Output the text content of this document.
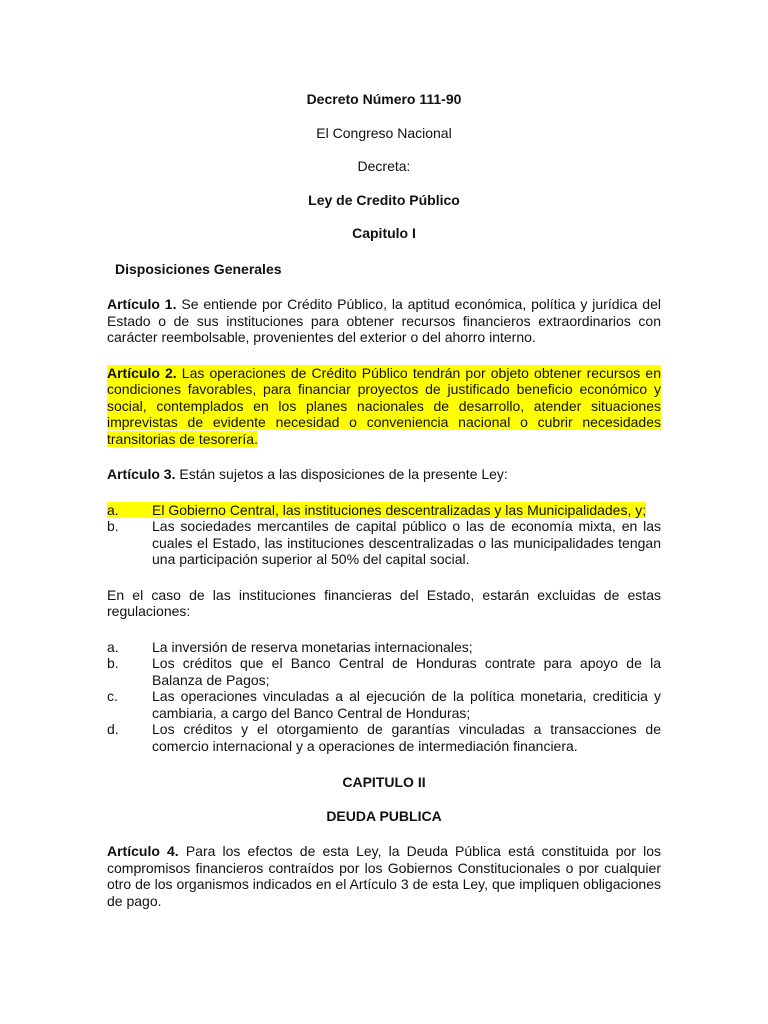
Decreto Número 111-90

El Congreso Nacional

Decreta:

Ley de Credito Público

Capitulo I

Disposiciones Generales

Artículo 1. Se entiende por Crédito Público, la aptitud económica, política y jurídica del Estado o de sus instituciones para obtener recursos financieros extraordinarios con carácter reembolsable, provenientes del exterior o del ahorro interno.

Artículo 2. Las operaciones de Crédito Público tendrán por objeto obtener recursos en condiciones favorables, para financiar proyectos de justificado beneficio económico y social, contemplados en los planes nacionales de desarrollo, atender situaciones imprevistas de evidente necesidad o conveniencia nacional o cubrir necesidades transitorias de tesorería.

Artículo 3. Están sujetos a las disposiciones de la presente Ley:

a.	El Gobierno Central, las instituciones descentralizadas y las Municipalidades, y;
b.	Las sociedades mercantiles de capital público o las de economía mixta, en las cuales el Estado, las instituciones descentralizadas o las municipalidades tengan una participación superior al 50% del capital social.

En el caso de las instituciones financieras del Estado, estarán excluidas de estas regulaciones:

a.	La inversión de reserva monetarias internacionales;
b.	Los créditos que el Banco Central de Honduras contrate para apoyo de la Balanza de Pagos;
c.	Las operaciones vinculadas a al ejecución de la política monetaria, crediticia y cambiaria, a cargo del Banco Central de Honduras;
d.	Los créditos y el otorgamiento de garantías vinculadas a transacciones de comercio internacional y a operaciones de intermediación financiera.

CAPITULO II

DEUDA PUBLICA

Artículo 4. Para los efectos de esta Ley, la Deuda Pública está constituida por los compromisos financieros contraídos por los Gobiernos Constitucionales o por cualquier otro de los organismos indicados en el Artículo 3 de esta Ley, que impliquen obligaciones de pago.
